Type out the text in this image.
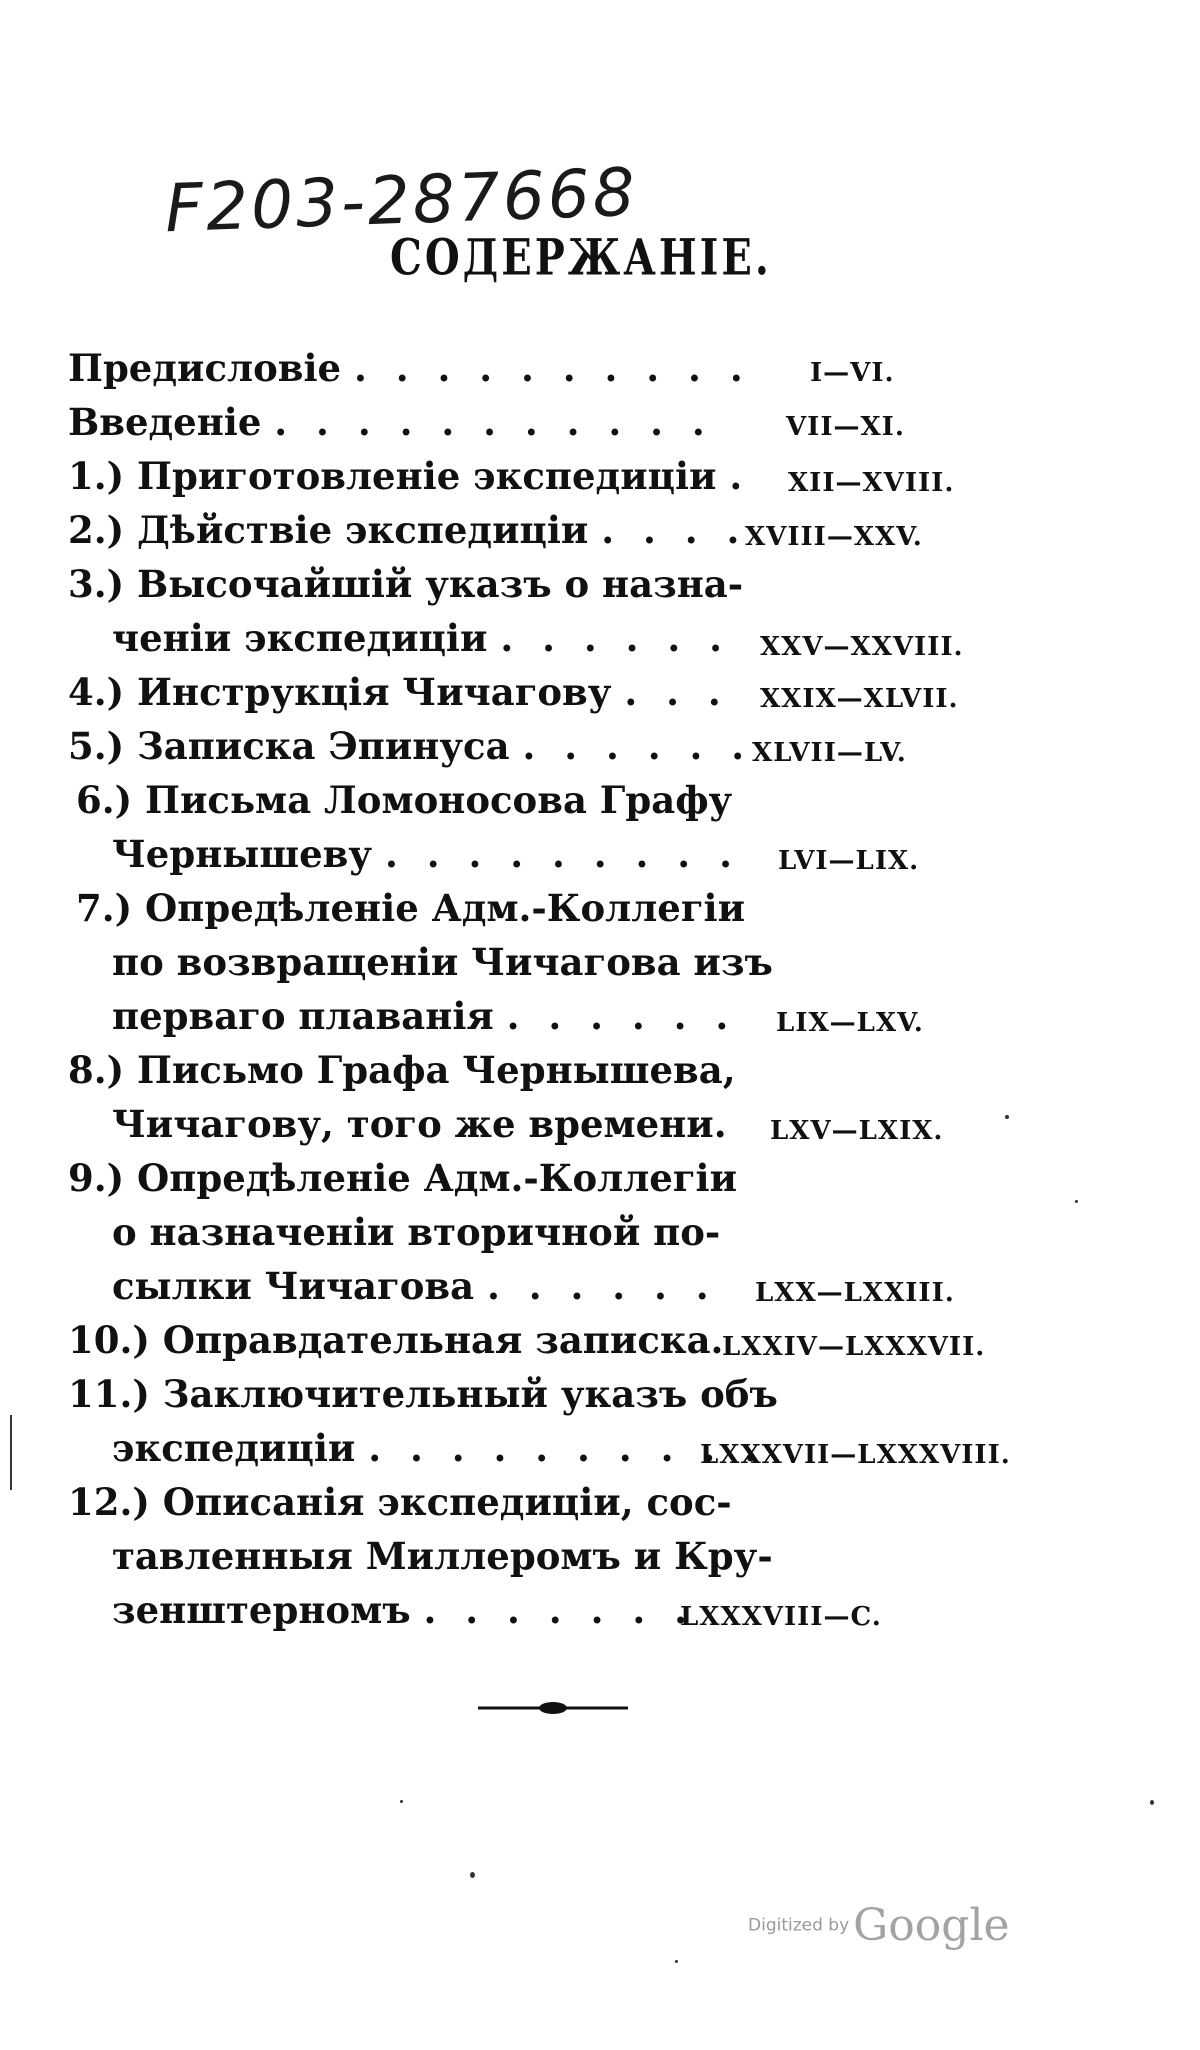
F203-287668
СОДЕРЖАНІЕ.
Предисловіе . . . . . . . . . . I—VI.
Введеніе . . . . . . . . . . .	VII—XI.
1.) Приготовленіе экспедиціи . XII—XVIII.
2.) Дѣйствіе экспедиціи . . . .
XVIII—XXV.
3.) Высочайшій указъ о назна-
ченіи экспедиціи . . . . . . XXV—XXVIII.
4.) Инструкція Чичагову . . . XXIX—XLVII.
5.) Записка Эпинуса . . . . . . XLVII—LV.
6.) Письма Ломоносова Графу
Чернышеву . . . . . . . . . LVI—LIX.
7.) Опредѣленіе Адм.-Коллегіи
по возвращеніи Чичагова изъ
перваго плаванія . . . . . . LIX—LXV.
8.) Письмо Графа Чернышева,
Чичагову, того же времени. LXV—LXIX.
9.) Опредѣленіе Адм.-Коллегіи
о назначеніи вторичной по-
сылки Чичагова . . . . . . LXX—LXXIII.
10.) Оправдательная записка.
LXXIV—LXXXVII.
11.) Заключительный указъ объ
экспедиціи . . . . . . . . . .
LXXXVII—LXXXVIII.
12.) Описанія экспедиціи, сос-
тавленныя Миллеромъ и Кру-
зенштерномъ . . . . . . .
LXXXVIII—C.
Digitized byGoogle
